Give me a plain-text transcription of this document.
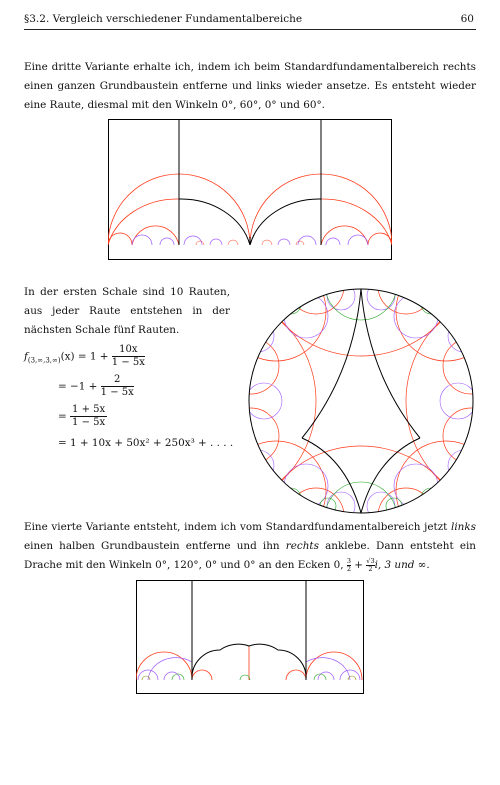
§3.2. Vergleich verschiedener Fundamentalbereiche	60

Eine dritte Variante erhalte ich, indem ich beim Standardfundamentalbereich rechts einen ganzen Grundbaustein entferne und links wieder ansetze. Es entsteht wieder eine Raute, diesmal mit den Winkeln 0°, 60°, 0° und 60°.

In der ersten Schale sind 10 Rauten, aus jeder Raute entstehen in der nächsten Schale fünf Rauten.

$f_{(3,\infty,3,\infty)}(x) = 1 + \frac{10x}{1 - 5x}$
= $-1 + \frac{2}{1 - 5x}$
= $\frac{1 + 5x}{1 - 5x}$
= 1 + 10x + 50x² + 250x³ + . . . .

Eine vierte Variante entsteht, indem ich vom Standardfundamentalbereich jetzt links einen halben Grundbaustein entferne und ihn rechts anklebe. Dann entsteht ein Drache mit den Winkeln 0°, 120°, 0° und 0° an den Ecken 0, $\frac{3}{2} + \frac{√3}{2}i$, 3 und ∞.
